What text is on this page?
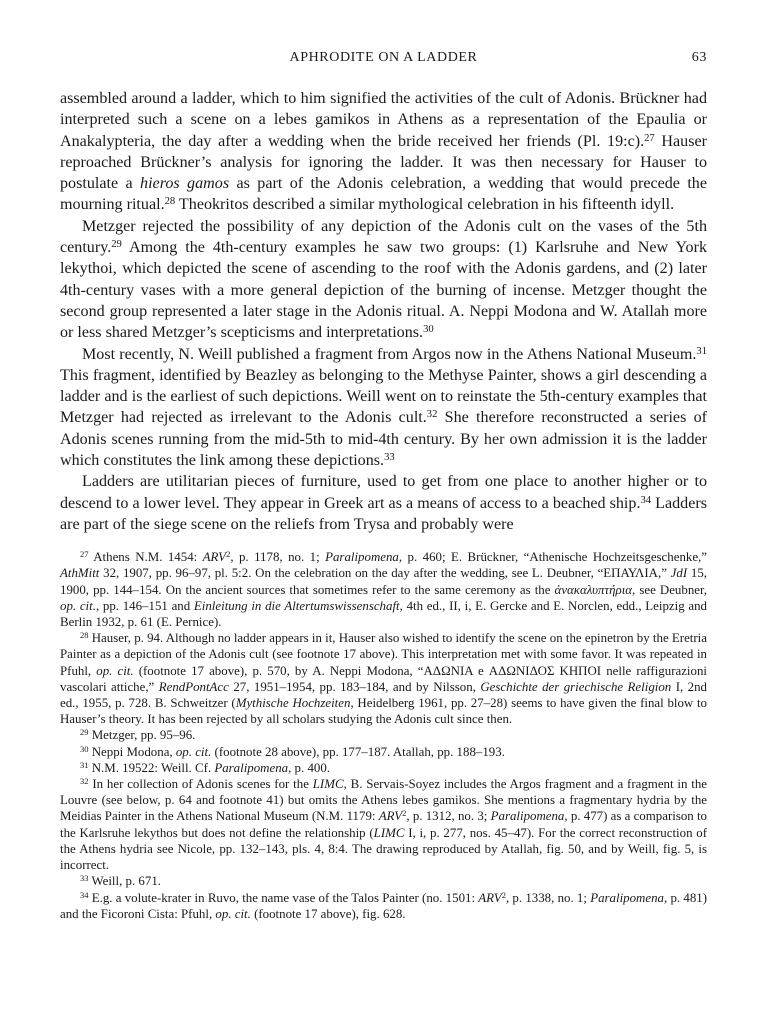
APHRODITE ON A LADDER	63

assembled around a ladder, which to him signified the activities of the cult of Adonis. Brückner had interpreted such a scene on a lebes gamikos in Athens as a representation of the Epaulia or Anakalypteria, the day after a wedding when the bride received her friends (Pl. 19:c).$^{27}$ Hauser reproached Brückner’s analysis for ignoring the ladder. It was then necessary for Hauser to postulate a hieros gamos as part of the Adonis celebration, a wedding that would precede the mourning ritual.$^{28}$ Theokritos described a similar mythological celebration in his fifteenth idyll.

Metzger rejected the possibility of any depiction of the Adonis cult on the vases of the 5th century.$^{29}$ Among the 4th-century examples he saw two groups: (1) Karlsruhe and New York lekythoi, which depicted the scene of ascending to the roof with the Adonis gardens, and (2) later 4th-century vases with a more general depiction of the burning of incense. Metzger thought the second group represented a later stage in the Adonis ritual. A. Neppi Modona and W. Atallah more or less shared Metzger’s scepticisms and interpretations.$^{30}$

Most recently, N. Weill published a fragment from Argos now in the Athens National Museum.$^{31}$ This fragment, identified by Beazley as belonging to the Methyse Painter, shows a girl descending a ladder and is the earliest of such depictions. Weill went on to reinstate the 5th-century examples that Metzger had rejected as irrelevant to the Adonis cult.$^{32}$ She therefore reconstructed a series of Adonis scenes running from the mid-5th to mid-4th century. By her own admission it is the ladder which constitutes the link among these depictions.$^{33}$

Ladders are utilitarian pieces of furniture, used to get from one place to another higher or to descend to a lower level. They appear in Greek art as a means of access to a beached ship.$^{34}$ Ladders are part of the siege scene on the reliefs from Trysa and probably were

$^{27}$ Athens N.M. 1454: ARV$^2$, p. 1178, no. 1; Paralipomena, p. 460; E. Brückner, “Athenische Hochzeitsgeschenke,” AthMitt 32, 1907, pp. 96–97, pl. 5:2. On the celebration on the day after the wedding, see L. Deubner, “ΕΠΑΥΛΙΑ,” JdI 15, 1900, pp. 144–154. On the ancient sources that sometimes refer to the same ceremony as the ἀνακαλυπτήρια, see Deubner, op. cit., pp. 146–151 and Einleitung in die Altertumswissenschaft, 4th ed., II, i, E. Gercke and E. Norclen, edd., Leipzig and Berlin 1932, p. 61 (E. Pernice).

$^{28}$ Hauser, p. 94. Although no ladder appears in it, Hauser also wished to identify the scene on the epinetron by the Eretria Painter as a depiction of the Adonis cult (see footnote 17 above). This interpretation met with some favor. It was repeated in Pfuhl, op. cit. (footnote 17 above), p. 570, by A. Neppi Modona, “ΑΔΩΝΙΑ e ΑΔΩΝΙΔΟΣ ΚΗΠΟΙ nelle raffigurazioni vascolari attiche,” RendPontAcc 27, 1951–1954, pp. 183–184, and by Nilsson, Geschichte der griechische Religion I, 2nd ed., 1955, p. 728. B. Schweitzer (Mythische Hochzeiten, Heidelberg 1961, pp. 27–28) seems to have given the final blow to Hauser’s theory. It has been rejected by all scholars studying the Adonis cult since then.

$^{29}$ Metzger, pp. 95–96.

$^{30}$ Neppi Modona, op. cit. (footnote 28 above), pp. 177–187. Atallah, pp. 188–193.

$^{31}$ N.M. 19522: Weill. Cf. Paralipomena, p. 400.

$^{32}$ In her collection of Adonis scenes for the LIMC, B. Servais-Soyez includes the Argos fragment and a fragment in the Louvre (see below, p. 64 and footnote 41) but omits the Athens lebes gamikos. She mentions a fragmentary hydria by the Meidias Painter in the Athens National Museum (N.M. 1179: ARV$^2$, p. 1312, no. 3; Paralipomena, p. 477) as a comparison to the Karlsruhe lekythos but does not define the relationship (LIMC I, i, p. 277, nos. 45–47). For the correct reconstruction of the Athens hydria see Nicole, pp. 132–143, pls. 4, 8:4. The drawing reproduced by Atallah, fig. 50, and by Weill, fig. 5, is incorrect.

$^{33}$ Weill, p. 671.

$^{34}$ E.g. a volute-krater in Ruvo, the name vase of the Talos Painter (no. 1501: ARV$^2$, p. 1338, no. 1; Paralipomena, p. 481) and the Ficoroni Cista: Pfuhl, op. cit. (footnote 17 above), fig. 628.
